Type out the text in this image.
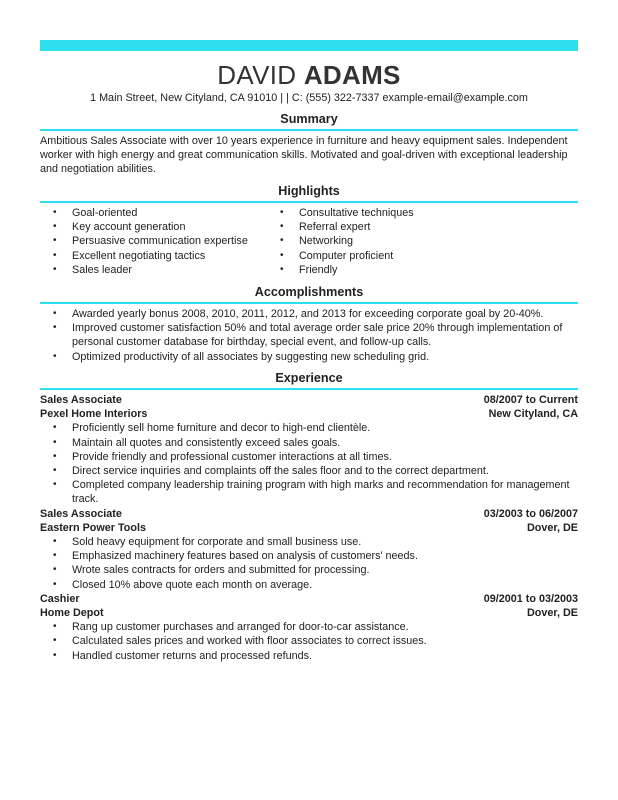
DAVID ADAMS
1 Main Street, New Cityland, CA 91010 | | C: (555) 322-7337 example-email@example.com
Summary
Ambitious Sales Associate with over 10 years experience in furniture and heavy equipment sales. Independent worker with high energy and great communication skills. Motivated and goal-driven with exceptional leadership and negotiation abilities.
Highlights
• Goal-oriented
• Key account generation
• Persuasive communication expertise
• Excellent negotiating tactics
• Sales leader
• Consultative techniques
• Referral expert
• Networking
• Computer proficient
• Friendly
Accomplishments
• Awarded yearly bonus 2008, 2010, 2011, 2012, and 2013 for exceeding corporate goal by 20-40%.
• Improved customer satisfaction 50% and total average order sale price 20% through implementation of personal customer database for birthday, special event, and follow-up calls.
• Optimized productivity of all associates by suggesting new scheduling grid.
Experience
Sales Associate	08/2007 to Current
Pexel Home Interiors	New Cityland, CA
• Proficiently sell home furniture and decor to high-end clientèle.
• Maintain all quotes and consistently exceed sales goals.
• Provide friendly and professional customer interactions at all times.
• Direct service inquiries and complaints off the sales floor and to the correct department.
• Completed company leadership training program with high marks and recommendation for management track.
Sales Associate	03/2003 to 06/2007
Eastern Power Tools	Dover, DE
• Sold heavy equipment for corporate and small business use.
• Emphasized machinery features based on analysis of customers' needs.
• Wrote sales contracts for orders and submitted for processing.
• Closed 10% above quote each month on average.
Cashier	09/2001 to 03/2003
Home Depot	Dover, DE
• Rang up customer purchases and arranged for door-to-car assistance.
• Calculated sales prices and worked with floor associates to correct issues.
• Handled customer returns and processed refunds.
